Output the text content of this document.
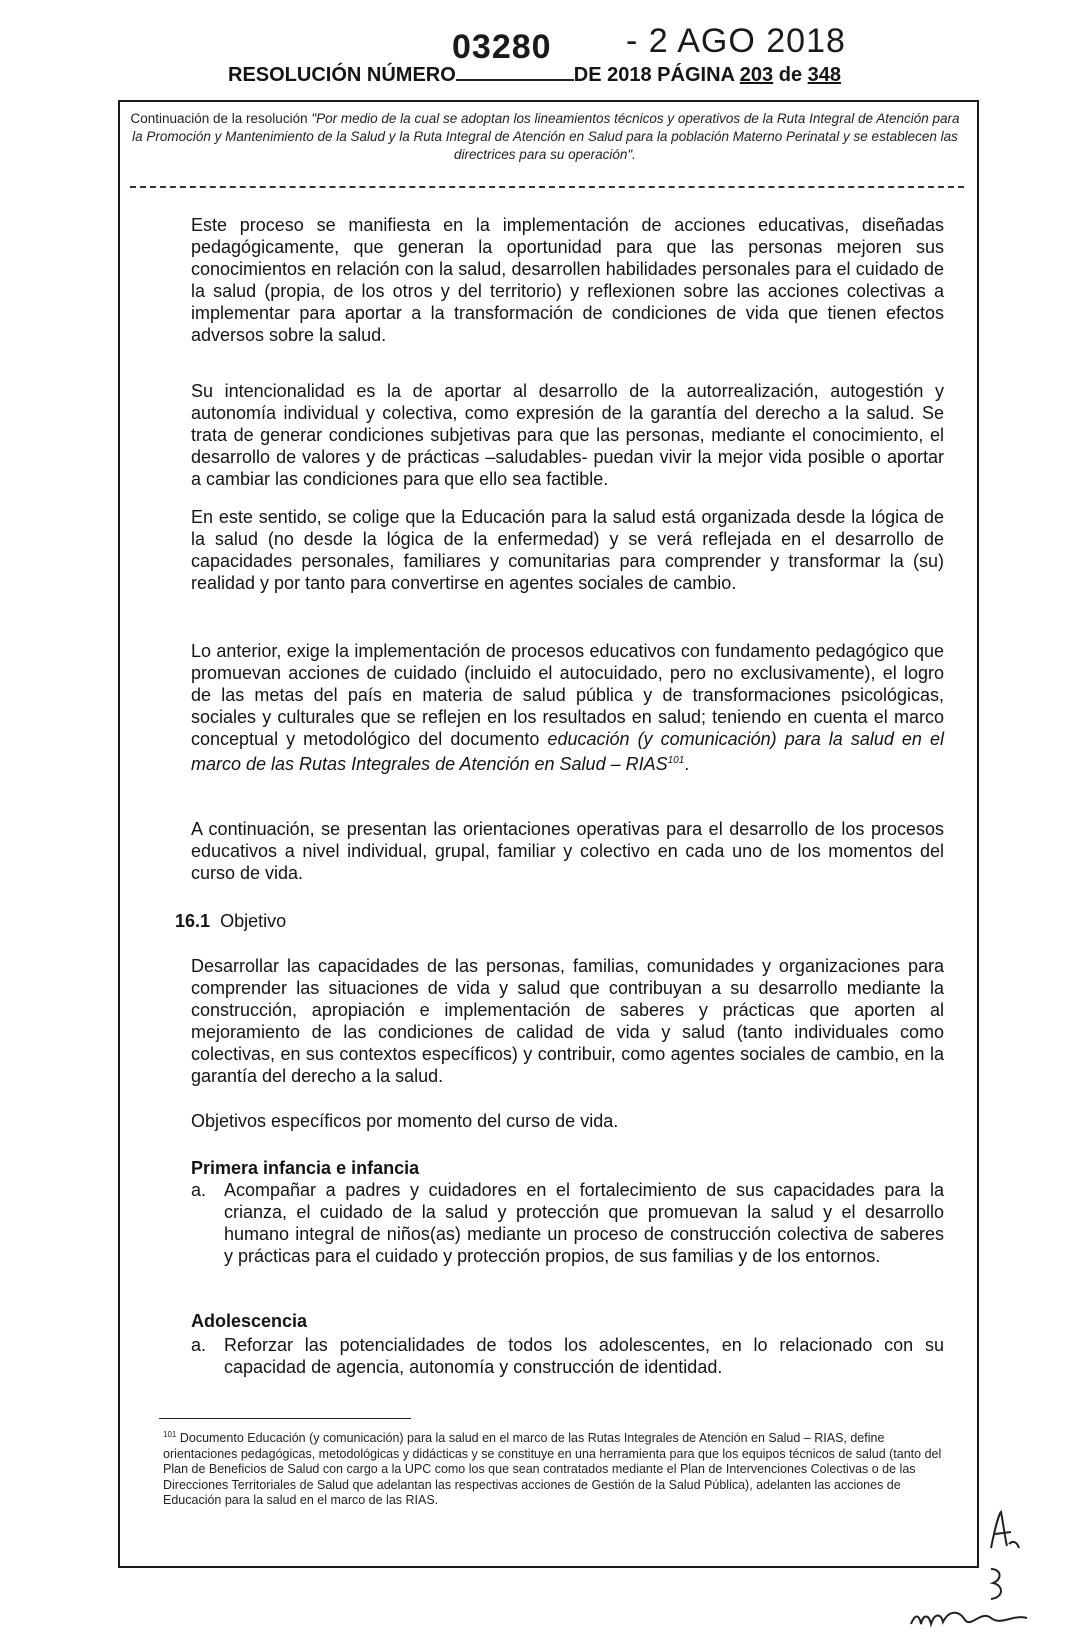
03280 - 2 AGO 2018
RESOLUCIÓN NÚMERO	DE 2018 PÁGINA 203 de 348
Continuación de la resolución "Por medio de la cual se adoptan los lineamientos técnicos y operativos de la Ruta Integral de Atención para la Promoción y Mantenimiento de la Salud y la Ruta Integral de Atención en Salud para la población Materno Perinatal y se establecen las directrices para su operación".

Este proceso se manifiesta en la implementación de acciones educativas, diseñadas pedagógicamente, que generan la oportunidad para que las personas mejoren sus conocimientos en relación con la salud, desarrollen habilidades personales para el cuidado de la salud (propia, de los otros y del territorio) y reflexionen sobre las acciones colectivas a implementar para aportar a la transformación de condiciones de vida que tienen efectos adversos sobre la salud.

Su intencionalidad es la de aportar al desarrollo de la autorrealización, autogestión y autonomía individual y colectiva, como expresión de la garantía del derecho a la salud. Se trata de generar condiciones subjetivas para que las personas, mediante el conocimiento, el desarrollo de valores y de prácticas –saludables- puedan vivir la mejor vida posible o aportar a cambiar las condiciones para que ello sea factible.

En este sentido, se colige que la Educación para la salud está organizada desde la lógica de la salud (no desde la lógica de la enfermedad) y se verá reflejada en el desarrollo de capacidades personales, familiares y comunitarias para comprender y transformar la (su) realidad y por tanto para convertirse en agentes sociales de cambio.

Lo anterior, exige la implementación de procesos educativos con fundamento pedagógico que promuevan acciones de cuidado (incluido el autocuidado, pero no exclusivamente), el logro de las metas del país en materia de salud pública y de transformaciones psicológicas, sociales y culturales que se reflejen en los resultados en salud; teniendo en cuenta el marco conceptual y metodológico del documento educación (y comunicación) para la salud en el marco de las Rutas Integrales de Atención en Salud – RIAS$^{101}$.

A continuación, se presentan las orientaciones operativas para el desarrollo de los procesos educativos a nivel individual, grupal, familiar y colectivo en cada uno de los momentos del curso de vida.

16.1 Objetivo

Desarrollar las capacidades de las personas, familias, comunidades y organizaciones para comprender las situaciones de vida y salud que contribuyan a su desarrollo mediante la construcción, apropiación e implementación de saberes y prácticas que aporten al mejoramiento de las condiciones de calidad de vida y salud (tanto individuales como colectivas, en sus contextos específicos) y contribuir, como agentes sociales de cambio, en la garantía del derecho a la salud.

Objetivos específicos por momento del curso de vida.

Primera infancia e infancia
a. Acompañar a padres y cuidadores en el fortalecimiento de sus capacidades para la crianza, el cuidado de la salud y protección que promuevan la salud y el desarrollo humano integral de niños(as) mediante un proceso de construcción colectiva de saberes y prácticas para el cuidado y protección propios, de sus familias y de los entornos.
Adolescencia
a. Reforzar las potencialidades de todos los adolescentes, en lo relacionado con su capacidad de agencia, autonomía y construcción de identidad.
$^{101}$ Documento Educación (y comunicación) para la salud en el marco de las Rutas Integrales de Atención en Salud – RIAS, define orientaciones pedagógicas, metodológicas y didácticas y se constituye en una herramienta para que los equipos técnicos de salud (tanto del Plan de Beneficios de Salud con cargo a la UPC como los que sean contratados mediante el Plan de Intervenciones Colectivas o de las Direcciones Territoriales de Salud que adelantan las respectivas acciones de Gestión de la Salud Pública), adelanten las acciones de Educación para la salud en el marco de las RIAS.
